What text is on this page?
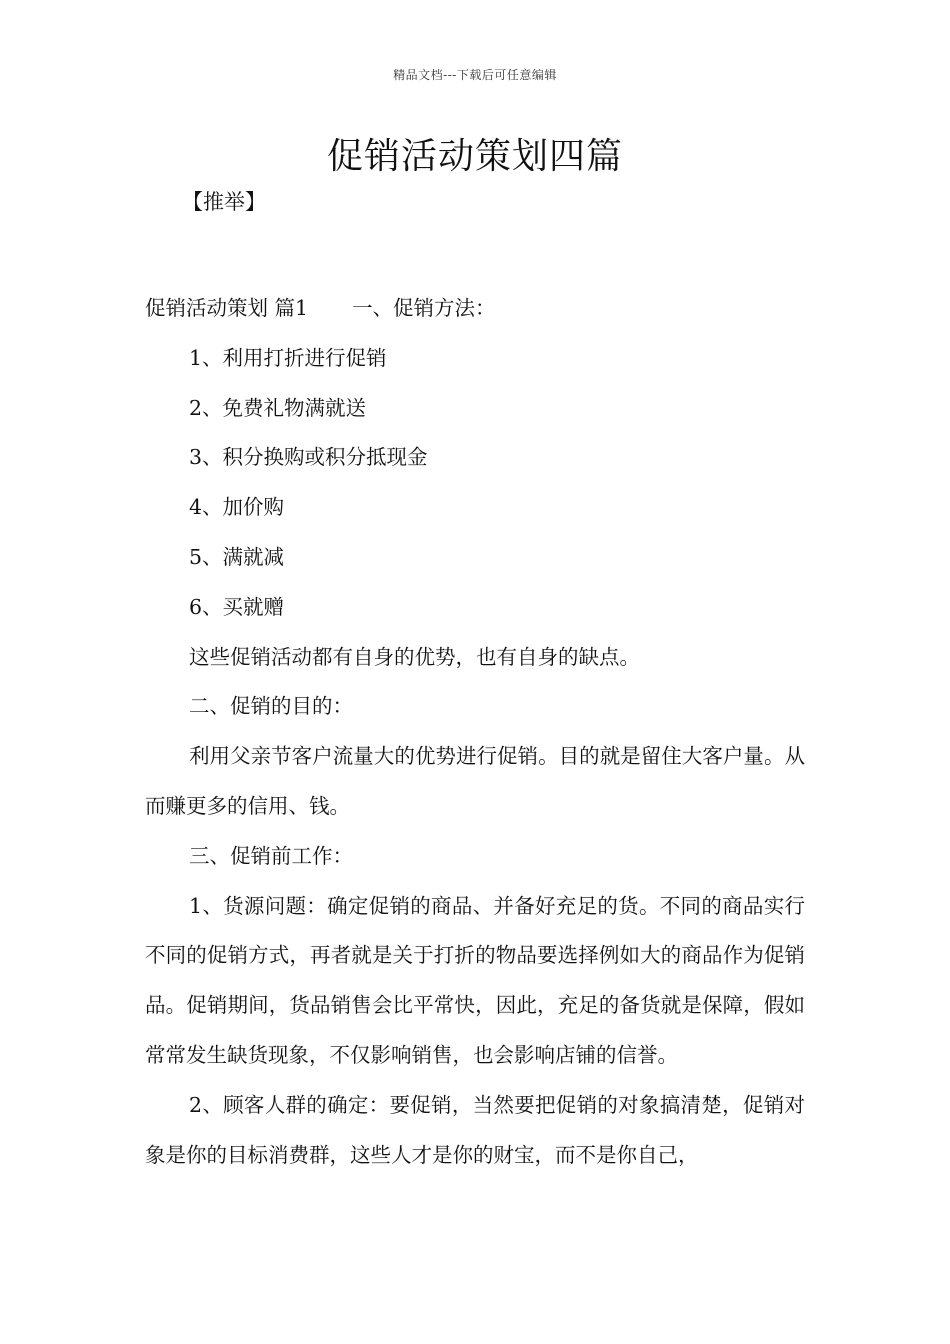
精品文档---下载后可任意编辑
促销活动策划四篇
【推举】
促销活动策划 篇1 一、促销方法：
1、利用打折进行促销
2、免费礼物满就送
3、积分换购或积分抵现金
4、加价购
5、满就减
6、买就赠
这些促销活动都有自身的优势，也有自身的缺点。
二、促销的目的：
利用父亲节客户流量大的优势进行促销。目的就是留住大客户量。从而赚更多的信用、钱。
三、促销前工作：
1、货源问题：确定促销的商品、并备好充足的货。不同的商品实行不同的促销方式，再者就是关于打折的物品要选择例如大的商品作为促销品。促销期间，货品销售会比平常快，因此，充足的备货就是保障，假如常常发生缺货现象，不仅影响销售，也会影响店铺的信誉。
2、顾客人群的确定：要促销，当然要把促销的对象搞清楚，促销对象是你的目标消费群，这些人才是你的财宝，而不是你自己，
